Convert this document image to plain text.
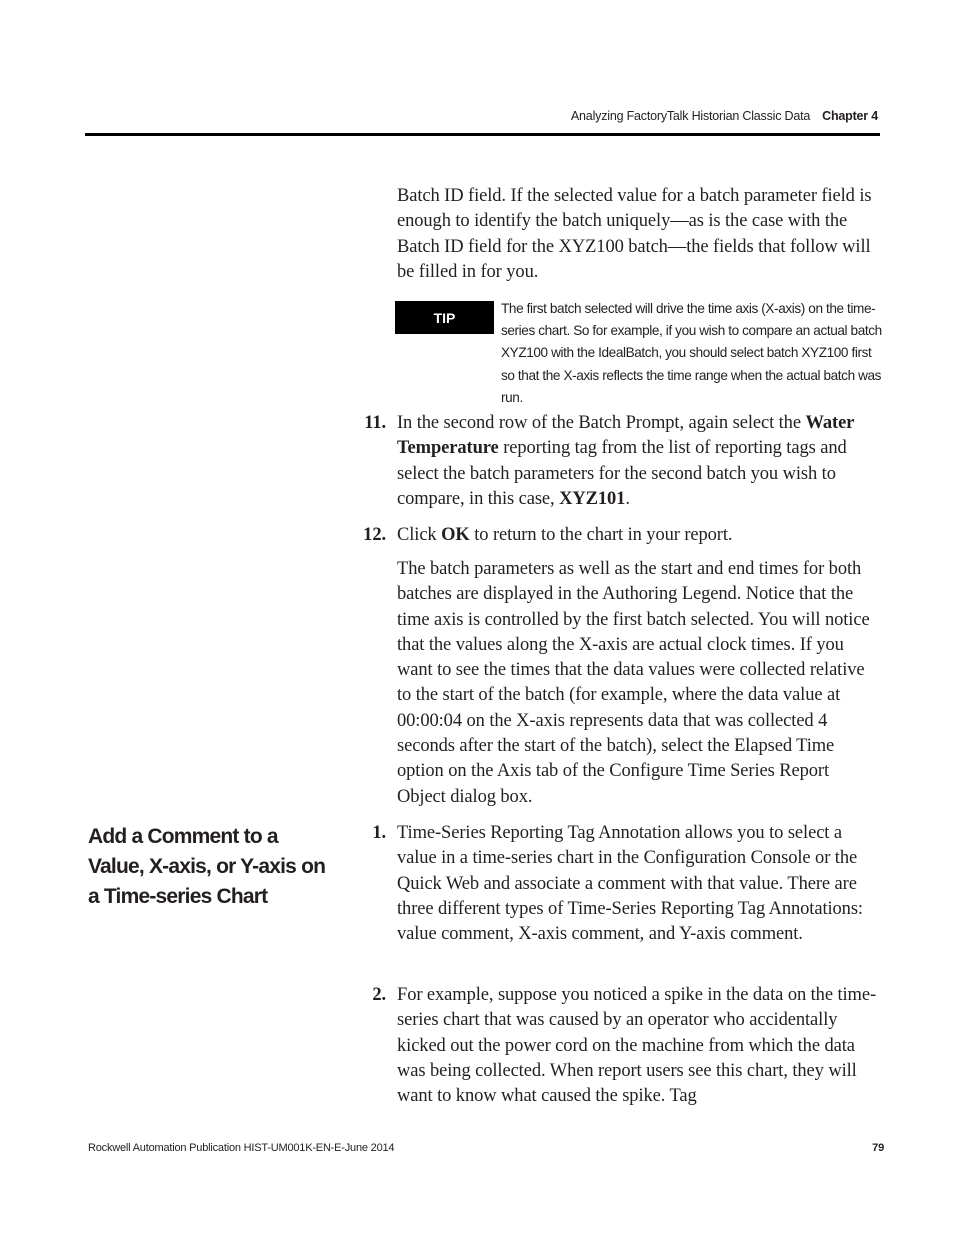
Analyzing FactoryTalk Historian Classic Data Chapter 4

Batch ID field. If the selected value for a batch parameter field is enough to identify the batch uniquely—as is the case with the Batch ID field for the XYZ100 batch—the fields that follow will be filled in for you.

TIP

The first batch selected will drive the time axis (X-axis) on the time-series chart. So for example, if you wish to compare an actual batch XYZ100 with the IdealBatch, you should select batch XYZ100 first so that the X-axis reflects the time range when the actual batch was run.

11. In the second row of the Batch Prompt, again select the Water Temperature reporting tag from the list of reporting tags and select the batch parameters for the second batch you wish to compare, in this case, XYZ101.

12. Click OK to return to the chart in your report.

The batch parameters as well as the start and end times for both batches are displayed in the Authoring Legend. Notice that the time axis is controlled by the first batch selected. You will notice that the values along the X-axis are actual clock times. If you want to see the times that the data values were collected relative to the start of the batch (for example, where the data value at 00:00:04 on the X-axis represents data that was collected 4 seconds after the start of the batch), select the Elapsed Time option on the Axis tab of the Configure Time Series Report Object dialog box.

Add a Comment to a Value, X-axis, or Y-axis on a Time-series Chart
1. Time-Series Reporting Tag Annotation allows you to select a value in a time-series chart in the Configuration Console or the Quick Web and associate a comment with that value. There are three different types of Time-Series Reporting Tag Annotations: value comment, X-axis comment, and Y-axis comment.

2. For example, suppose you noticed a spike in the data on the time-series chart that was caused by an operator who accidentally kicked out the power cord on the machine from which the data was being collected. When report users see this chart, they will want to know what caused the spike. Tag

Rockwell Automation Publication HIST-UM001K-EN-E-June 2014	79
